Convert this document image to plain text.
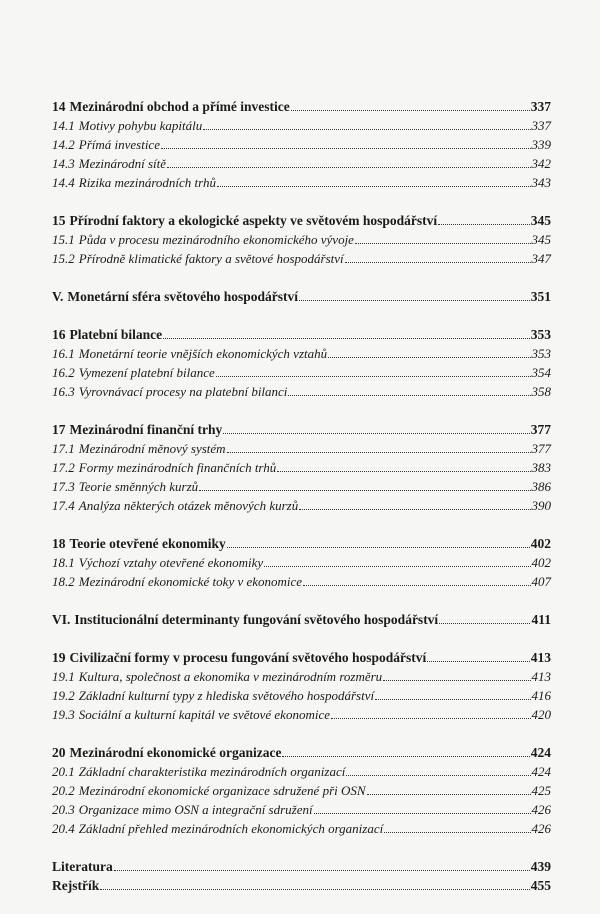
14 Mezinárodní obchod a přímé investice	337
14.1 Motivy pohybu kapitálu	337
14.2 Přímá investice	339
14.3 Mezinárodní sítě	342
14.4 Rizika mezinárodních trhů	343
15 Přírodní faktory a ekologické aspekty ve světovém hospodářství	345
15.1 Půda v procesu mezinárodního ekonomického vývoje	345
15.2 Přírodně klimatické faktory a světové hospodářství	347
V. Monetární sféra světového hospodářství	351
16 Platební bilance	353
16.1 Monetární teorie vnějších ekonomických vztahů	353
16.2 Vymezení platební bilance	354
16.3 Vyrovnávací procesy na platební bilanci	358
17 Mezinárodní finanční trhy	377
17.1 Mezinárodní měnový systém	377
17.2 Formy mezinárodních finančních trhů	383
17.3 Teorie směnných kurzů	386
17.4 Analýza některých otázek měnových kurzů	390
18 Teorie otevřené ekonomiky	402
18.1 Výchozí vztahy otevřené ekonomiky	402
18.2 Mezinárodní ekonomické toky v ekonomice	407
VI. Institucionální determinanty fungování světového hospodářství	411
19 Civilizační formy v procesu fungování světového hospodářství	413
19.1 Kultura, společnost a ekonomika v mezinárodním rozměru	413
19.2 Základní kulturní typy z hlediska světového hospodářství	416
19.3 Sociální a kulturní kapitál ve světové ekonomice	420
20 Mezinárodní ekonomické organizace	424
20.1 Základní charakteristika mezinárodních organizací	424
20.2 Mezinárodní ekonomické organizace sdružené při OSN	425
20.3 Organizace mimo OSN a integrační sdružení	426
20.4 Základní přehled mezinárodních ekonomických organizací	426
Literatura	439
Rejstřík	455
